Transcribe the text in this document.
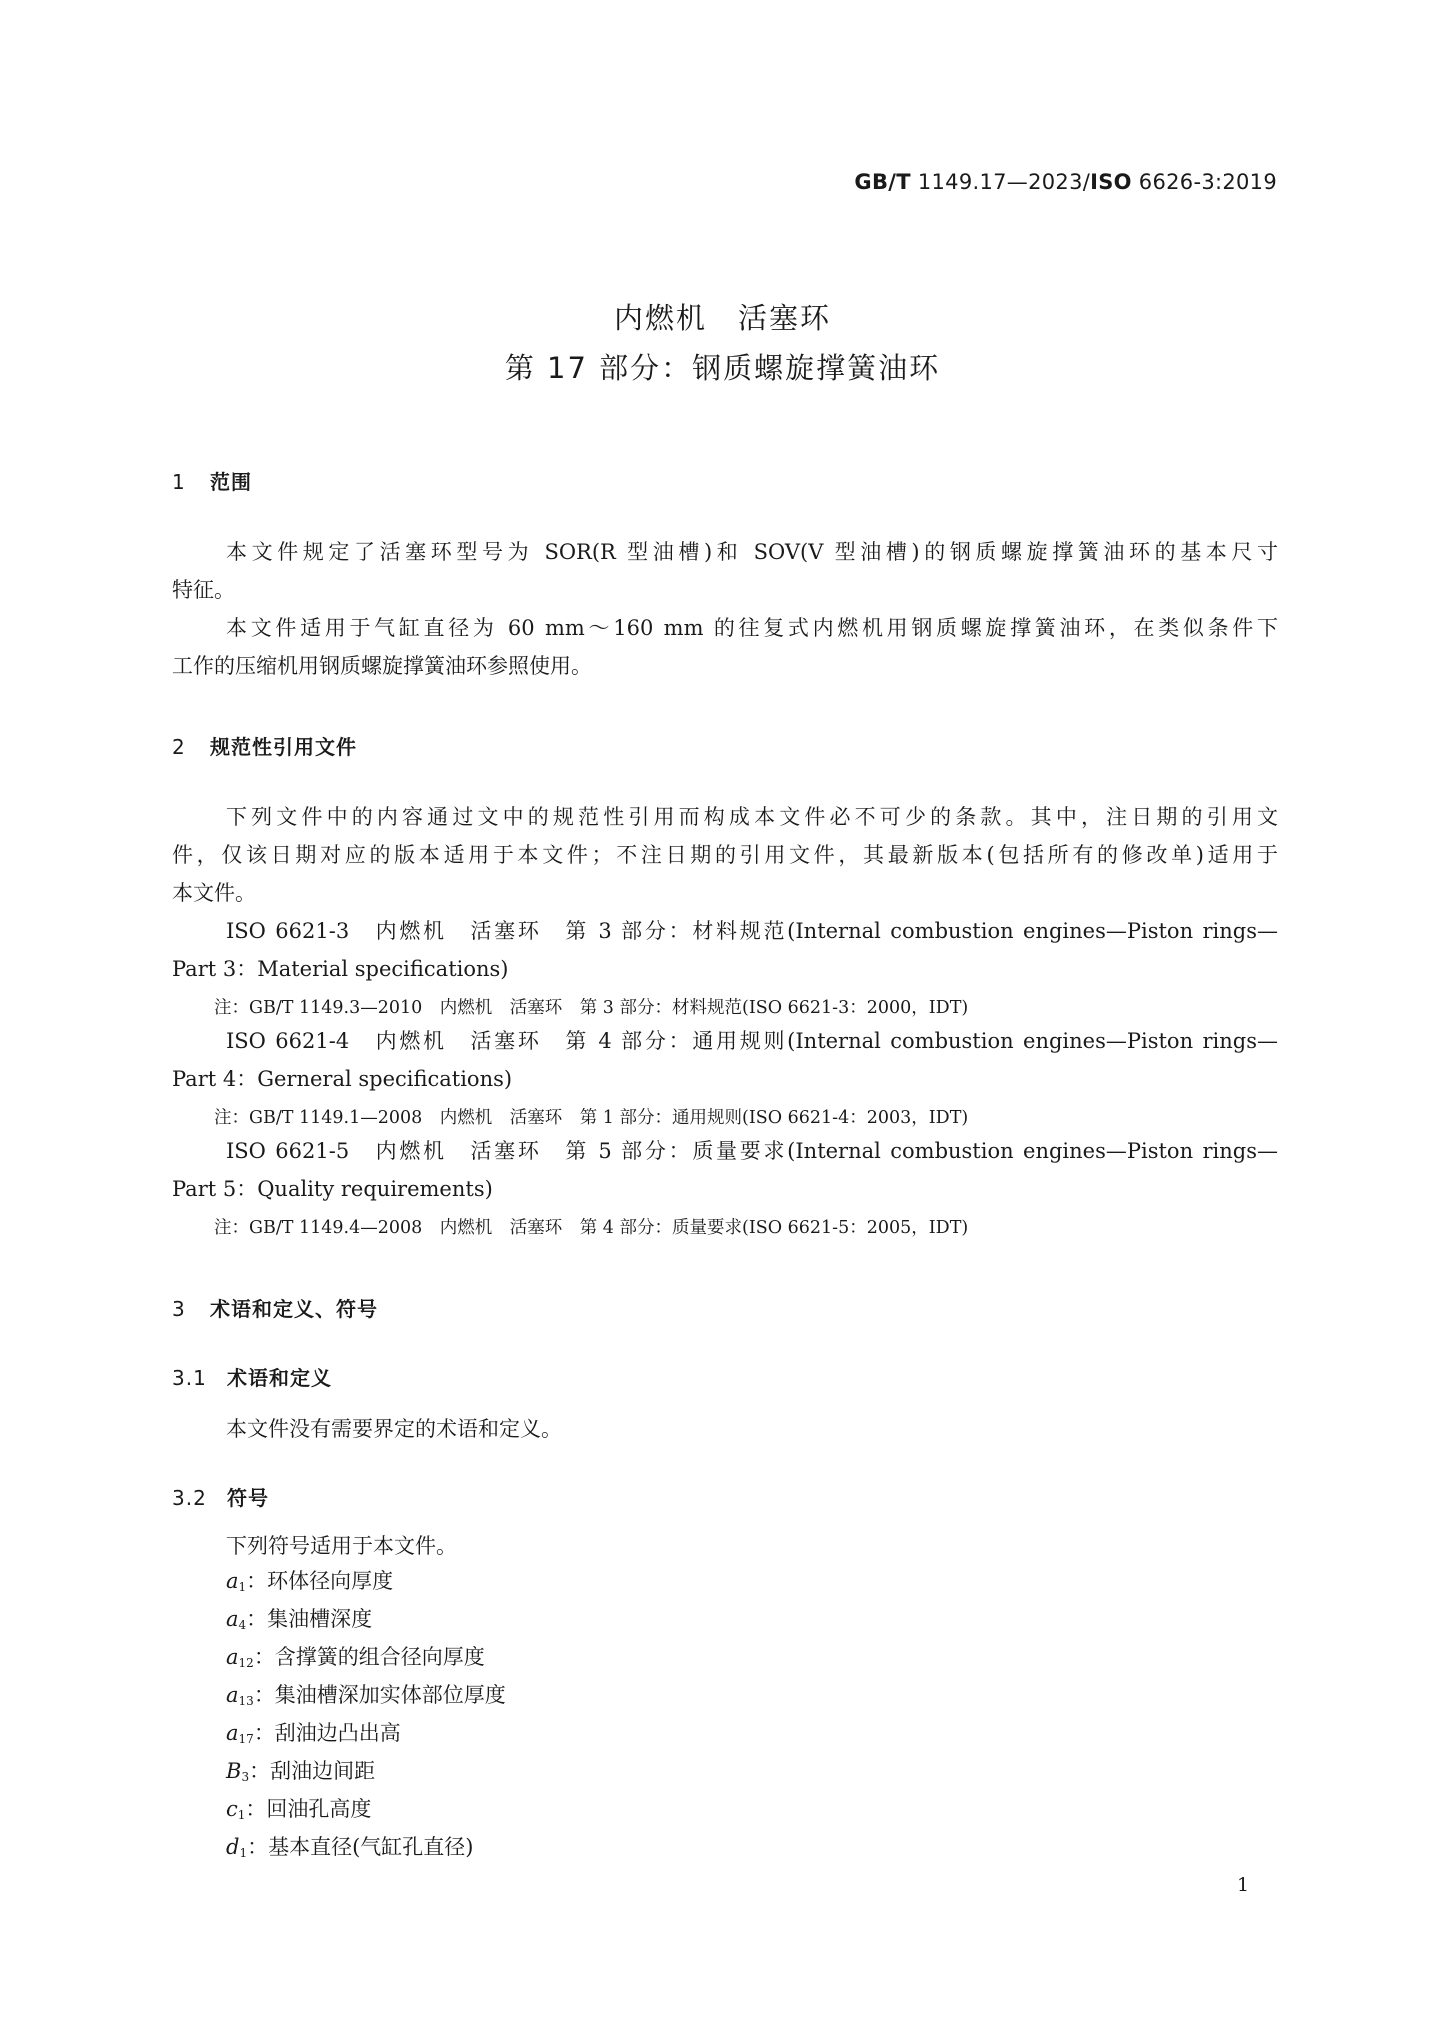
GB/T 1149.17—2023/ISO 6626-3:2019
内燃机　活塞环
第 17 部分：钢质螺旋撑簧油环
1 范围
本文件规定了活塞环型号为 SOR(R 型油槽)和 SOV(V 型油槽)的钢质螺旋撑簧油环的基本尺寸
特征。
本文件适用于气缸直径为 60 mm～160 mm 的往复式内燃机用钢质螺旋撑簧油环，在类似条件下
工作的压缩机用钢质螺旋撑簧油环参照使用。
2 规范性引用文件
下列文件中的内容通过文中的规范性引用而构成本文件必不可少的条款。其中，注日期的引用文
件，仅该日期对应的版本适用于本文件；不注日期的引用文件，其最新版本(包括所有的修改单)适用于
本文件。
ISO 6621-3　内燃机　活塞环　第 3 部分：材料规范(Internal combustion engines—Piston rings—
Part 3：Material specifications)
注：GB/T 1149.3—2010　内燃机　活塞环　第 3 部分：材料规范(ISO 6621-3：2000，IDT)
ISO 6621-4　内燃机　活塞环　第 4 部分：通用规则(Internal combustion engines—Piston rings—
Part 4：Gerneral specifications)
注：GB/T 1149.1—2008　内燃机　活塞环　第 1 部分：通用规则(ISO 6621-4：2003，IDT)
ISO 6621-5　内燃机　活塞环　第 5 部分：质量要求(Internal combustion engines—Piston rings—
Part 5：Quality requirements)
注：GB/T 1149.4—2008　内燃机　活塞环　第 4 部分：质量要求(ISO 6621-5：2005，IDT)
3 术语和定义、符号
3.1 术语和定义
本文件没有需要界定的术语和定义。
3.2 符号
下列符号适用于本文件。
$a_1$：环体径向厚度
$a_4$：集油槽深度
$a_{12}$：含撑簧的组合径向厚度
$a_{13}$：集油槽深加实体部位厚度
$a_{17}$：刮油边凸出高
$B_3$：刮油边间距
$c_1$：回油孔高度
$d_1$：基本直径(气缸孔直径)
1
